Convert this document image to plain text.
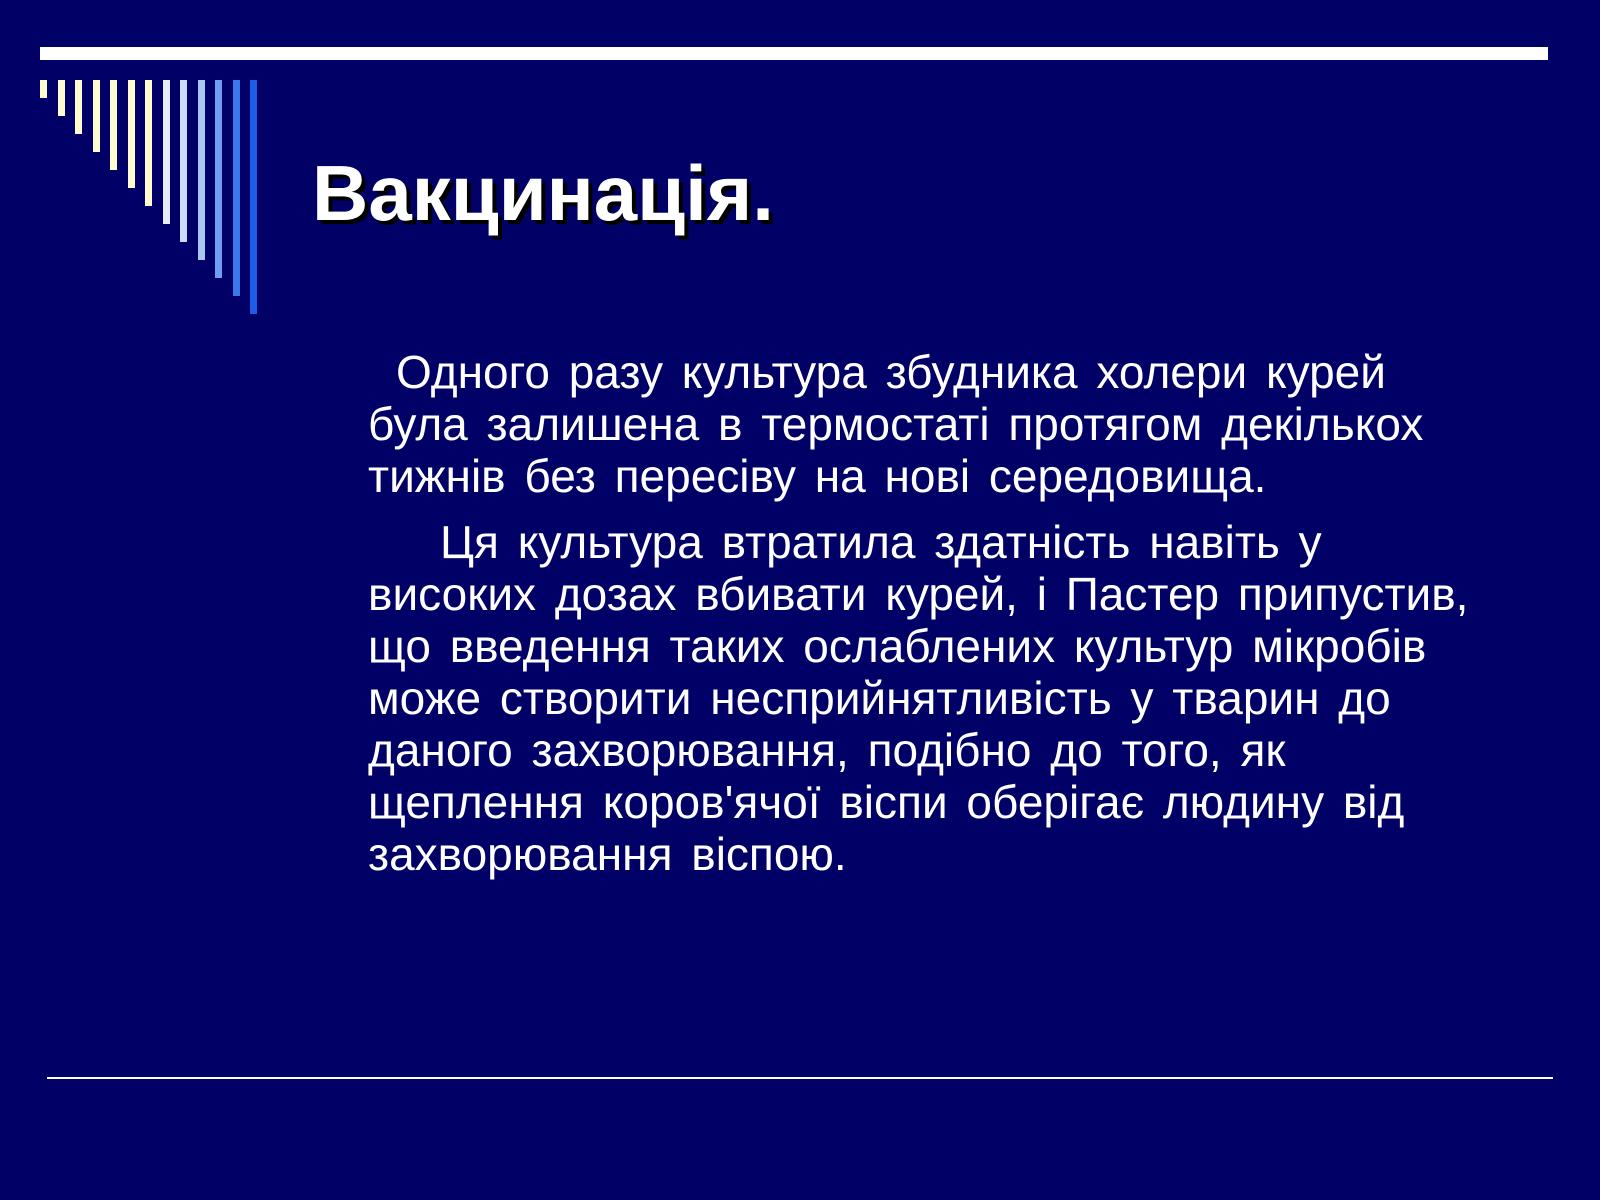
Вакцинація.

Одного разу культура збудника холери курей була залишена в термостаті протягом декількох тижнів без пересіву на нові середовища.

Ця культура втратила здатність навіть у високих дозах вбивати курей, і Пастер припустив, що введення таких ослаблених культур мікробів може створити несприйнятливість у тварин до даного захворювання, подібно до того, як щеплення коров'ячої віспи оберігає людину від захворювання віспою.
